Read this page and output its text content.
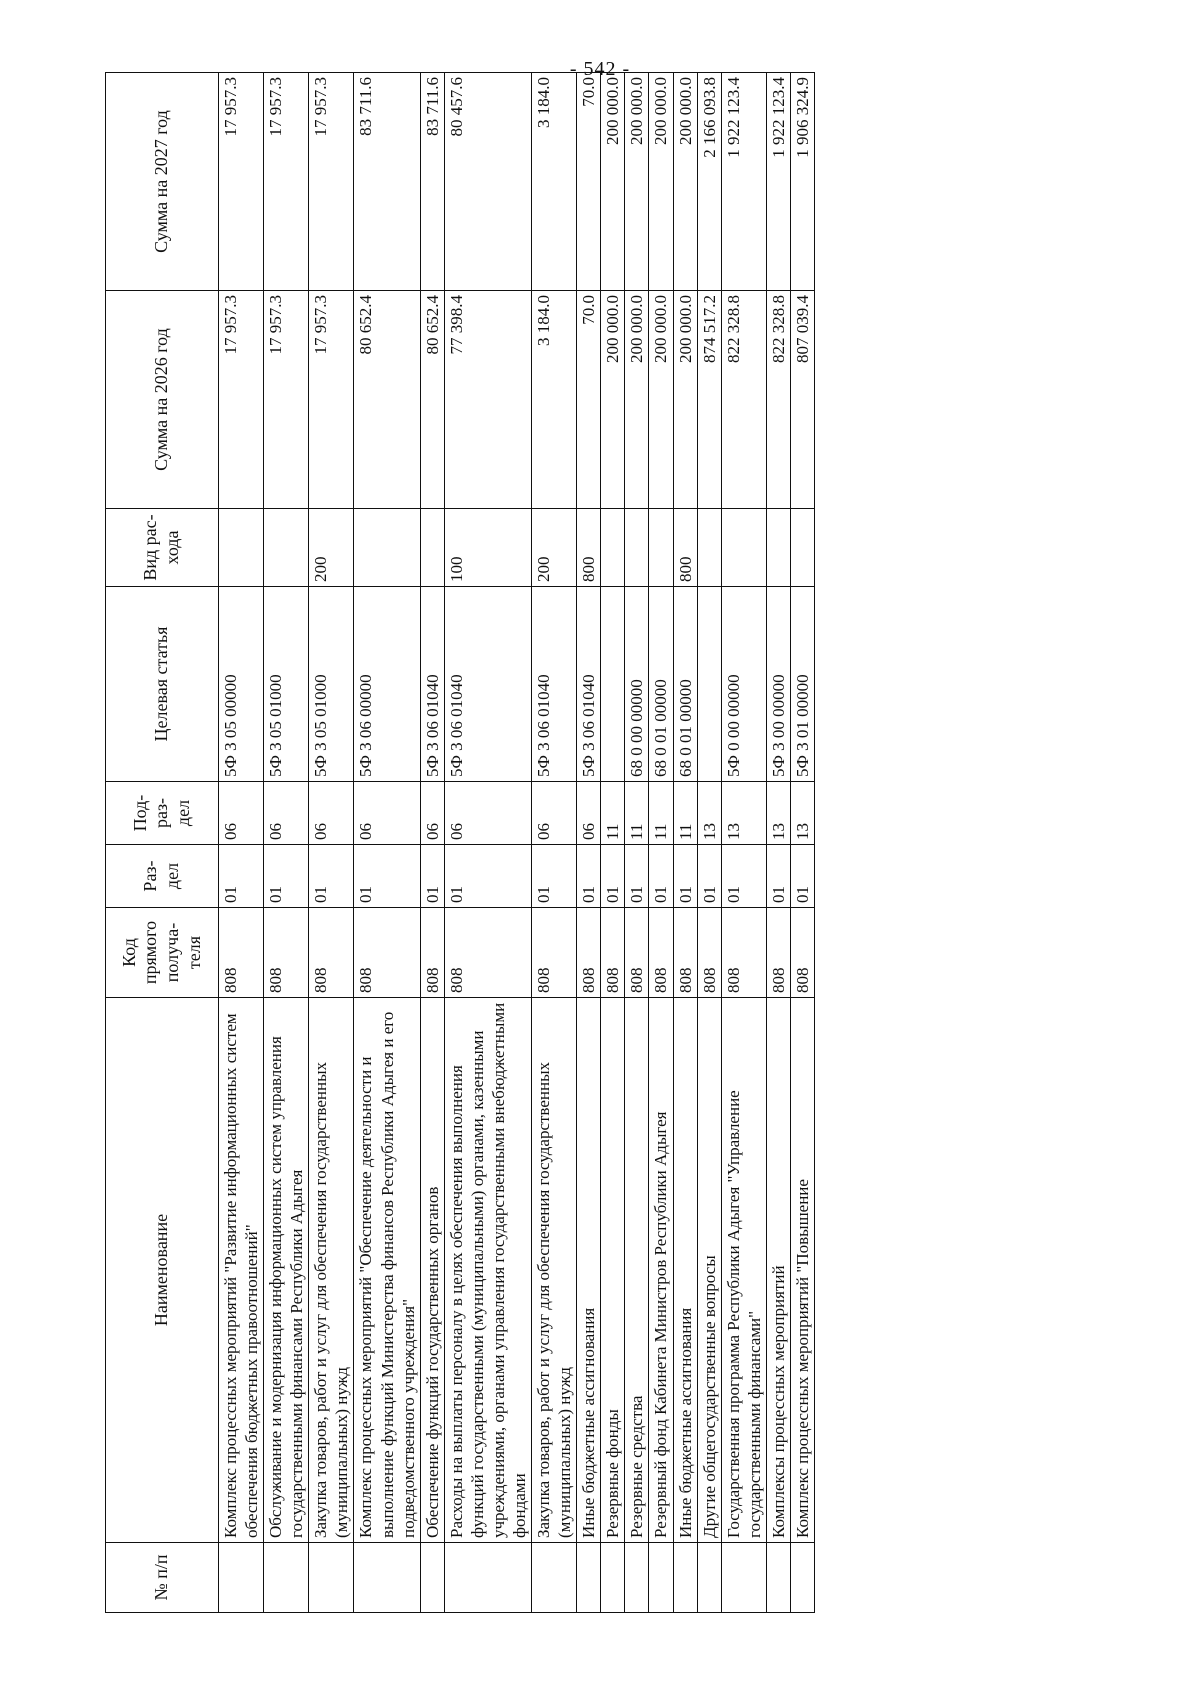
- 542 -
№ п/п	Наименование	Код прямого получа-теля	Раз-дел	Под-раз-дел	Целевая статья	Вид рас-хода	Сумма на 2026 год	Сумма на 2027 год
	Комплекс процессных мероприятий "Развитие информационных систем обеспечения бюджетных правоотношений"	808	01	06	5Ф 3 05 00000		17 957.3	17 957.3
	Обслуживание и модернизация информационных систем управления государственными финансами Республики Адыгея	808	01	06	5Ф 3 05 01000		17 957.3	17 957.3
	Закупка товаров, работ и услуг для обеспечения государственных (муниципальных) нужд	808	01	06	5Ф 3 05 01000	200	17 957.3	17 957.3
	Комплекс процессных мероприятий "Обеспечение деятельности и выполнение функций Министерства финансов Республики Адыгея и его подведомственного учреждения"	808	01	06	5Ф 3 06 00000		80 652.4	83 711.6
	Обеспечение функций государственных органов	808	01	06	5Ф 3 06 01040		80 652.4	83 711.6
	Расходы на выплаты персоналу в целях обеспечения выполнения функций государственными (муниципальными) органами, казенными учреждениями, органами управления государственными внебюджетными фондами	808	01	06	5Ф 3 06 01040	100	77 398.4	80 457.6
	Закупка товаров, работ и услуг для обеспечения государственных (муниципальных) нужд	808	01	06	5Ф 3 06 01040	200	3 184.0	3 184.0
	Иные бюджетные ассигнования	808	01	06	5Ф 3 06 01040	800	70.0	70.0
	Резервные фонды	808	01	11			200 000.0	200 000.0
	Резервные средства	808	01	11	68 0 00 00000		200 000.0	200 000.0
	Резервный фонд Кабинета Министров Республики Адыгея	808	01	11	68 0 01 00000		200 000.0	200 000.0
	Иные бюджетные ассигнования	808	01	11	68 0 01 00000	800	200 000.0	200 000.0
	Другие общегосударственные вопросы	808	01	13			874 517.2	2 166 093.8
	Государственная программа Республики Адыгея "Управление государственными финансами"	808	01	13	5Ф 0 00 00000		822 328.8	1 922 123.4
	Комплексы процессных мероприятий	808	01	13	5Ф 3 00 00000		822 328.8	1 922 123.4
	Комплекс процессных мероприятий "Повышение	808	01	13	5Ф 3 01 00000		807 039.4	1 906 324.9
